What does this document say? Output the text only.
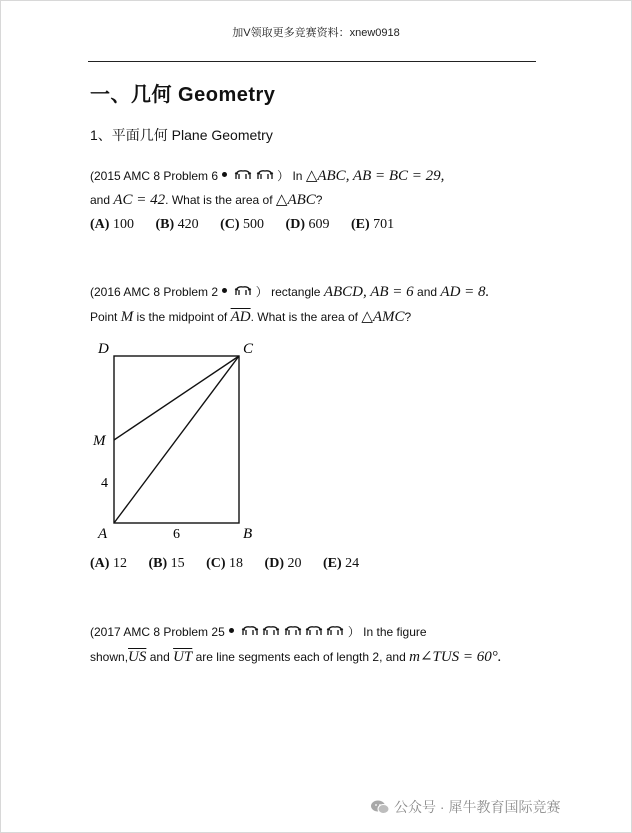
加V领取更多竞赛资料：xnew0918
一、几何 Geometry
1、平面几何 Plane Geometry
(2015 AMC 8 Problem 6	） In △ABC, AB = BC = 29,
and AC = 42. What is the area of △ABC?
(A) 100 (B) 420 (C) 500 (D) 609 (E) 701
(2016 AMC 8 Problem 2	） rectangle ABCD, AB = 6 and AD = 8.
Point M is the midpoint of $\overline{AD}$. What is the area of △AMC?
D	C
M
4
A	6	B
(A) 12 (B) 15 (C) 18 (D) 20 (E) 24
(2017 AMC 8 Problem 25	） In the figure
$shown,\overline{US}$ and $\overline{UT}$ are line segments each of length 2, and m∠TUS = 60°.
公众号 · 犀牛教育国际竞赛
